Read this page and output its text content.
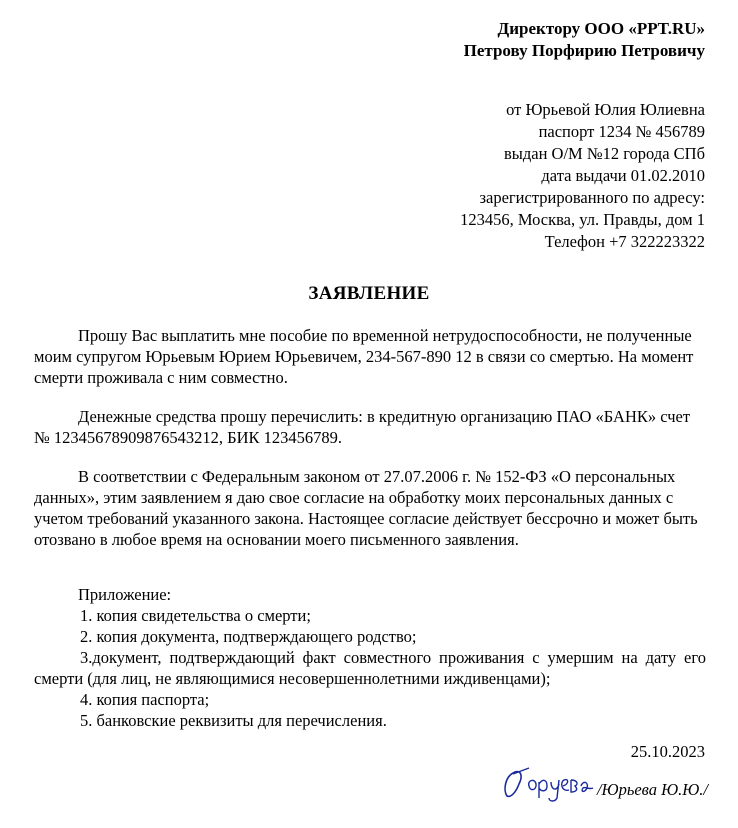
Директору ООО «PPT.RU»
Петрову Порфирию Петровичу
от Юрьевой Юлия Юлиевна
паспорт 1234 № 456789
выдан О/М №12 города СПб
дата выдачи 01.02.2010
зарегистрированного по адресу:
123456, Москва, ул. Правды, дом 1
Телефон +7 322223322
ЗАЯВЛЕНИЕ

Прошу Вас выплатить мне пособие по временной нетрудоспособности, не полученные моим супругом Юрьевым Юрием Юрьевичем, 234-567-890 12 в связи со смертью. На момент смерти проживала с ним совместно.

Денежные средства прошу перечислить: в кредитную организацию ПАО «БАНК» счет № 12345678909876543212, БИК 123456789.

В соответствии с Федеральным законом от 27.07.2006 г. № 152-ФЗ «О персональных данных», этим заявлением я даю свое согласие на обработку моих персональных данных с учетом требований указанного закона. Настоящее согласие действует бессрочно и может быть отозвано в любое время на основании моего письменного заявления.

Приложение:

1. копия свидетельства о смерти;

2. копия документа, подтверждающего родство;

3.документ, подтверждающий факт совместного проживания с умершим на дату его смерти (для лиц, не являющимися несовершеннолетними иждивенцами);

4. копия паспорта;

5. банковские реквизиты для перечисления.

25.10.2023
/Юрьева Ю.Ю./
